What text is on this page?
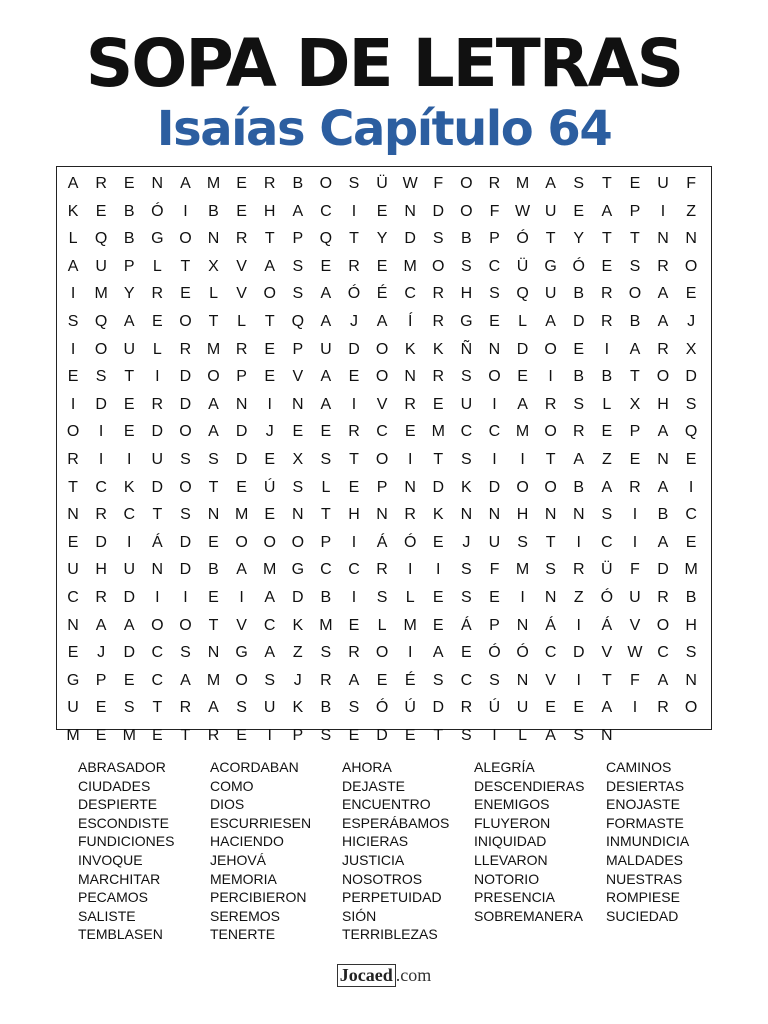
SOPA DE LETRAS
Isaías Capítulo 64
A	R	E	N	A	M	E	R	B	O	S	Ü W F	O	R M	A	S	T	E	U	F
K	E	B	Ó	I	B	E	H	A	C	I	E	N	D	O	F W U	E	A	P	I	Z
L	Q	B	G O	N	R	T	P	Q	T	Y	D	S	B	P	Ó	T	Y	T	T	N	N
A	U	P	L	T	X	V	A	S	E	R	E	M O	S	C	Ü	G Ó	E	S	R	O
I	M	Y	R	E	L	V	O	S	A	Ó	É	C	R	H	S	Q	U	B	R	O	A	E
S	Q	A	E	O	T	L	T	Q	A	J	A	Í	R	G	E	L	A	D	R	B	A	J
I	O	U	L	R M R	E	P	U	D	O	K	K	Ñ	N	D	O	E	I	A	R	X
E	S	T	I	D	O	P	E	V	A	E	O	N	R	S	O	E	I	B	B	T	O	D
I	D	E	R	D	A	N	I	N	A	I	V	R	E	U	I	A	R	S	L	X	H	S
O	I	E	D	O	A	D	J	E	E	R	C	E	M C	C M O	R	E	P	A	Q
R	I	I	U	S	S	D	E	X	S	T	O	I	T	S	I	I	T	A	Z	E	N	E
T	C	K	D	O	T	E	Ú	S	L	E	P	N	D	K	D	O O	B	A	R	A	I
N	R	C	T	S	N M	E	N	T	H	N	R	K	N	N	H	N	N	S	I	B	C
E	D	I	Á	D	E	O O O	P	I	Á	Ó	E	J	U	S	T	I	C	I	A	E
U	H	U	N	D	B	A	M G	C	C	R	I	I	S	F	M	S	R	Ü	F	D M
C	R	D	I	I	E	I	A	D	B	I	S	L	E	S	E	I	N	Z	Ó	U	R	B
N	A	A	O O	T	V	C	K	M	E	L	M	E	Á	P	N	Á	I	Á	V	O	H
E	J	D	C	S	N	G	A	Z	S	R	O	I	A	E	Ó Ó	C	D	V W C	S
G	P	E	C	A	M O	S	J	R	A	E	É	S	C	S	N	V	I	T	F	A	N
U	E	S	T	R	A	S	U	K	B	S	Ó	Ú	D	R	Ú	U	E	E	A	I	R	O
M	E	M	E	T	R	E	I	P	S	E	D	E	T	S	I	L	A	S	N
ABRASADOR	ACORDABAN	AHORA	ALEGRÍA	CAMINOS
CIUDADES	COMO	DEJASTE	DESCENDIERAS	DESIERTAS
DESPIERTE	DIOS	ENCUENTRO	ENEMIGOS	ENOJASTE
ESCONDISTE	ESCURRIESEN	ESPERÁBAMOS	FLUYERON	FORMASTE
FUNDICIONES	HACIENDO	HICIERAS	INIQUIDAD	INMUNDICIA
INVOQUE	JEHOVÁ	JUSTICIA	LLEVARON	MALDADES
MARCHITAR	MEMORIA	NOSOTROS	NOTORIO	NUESTRAS
PECAMOS	PERCIBIERON	PERPETUIDAD	PRESENCIA	ROMPIESE
SALISTE	SEREMOS	SIÓN	SOBREMANERA	SUCIEDAD
TEMBLASEN	TENERTE	TERRIBLEZAS
Jocaed .com
